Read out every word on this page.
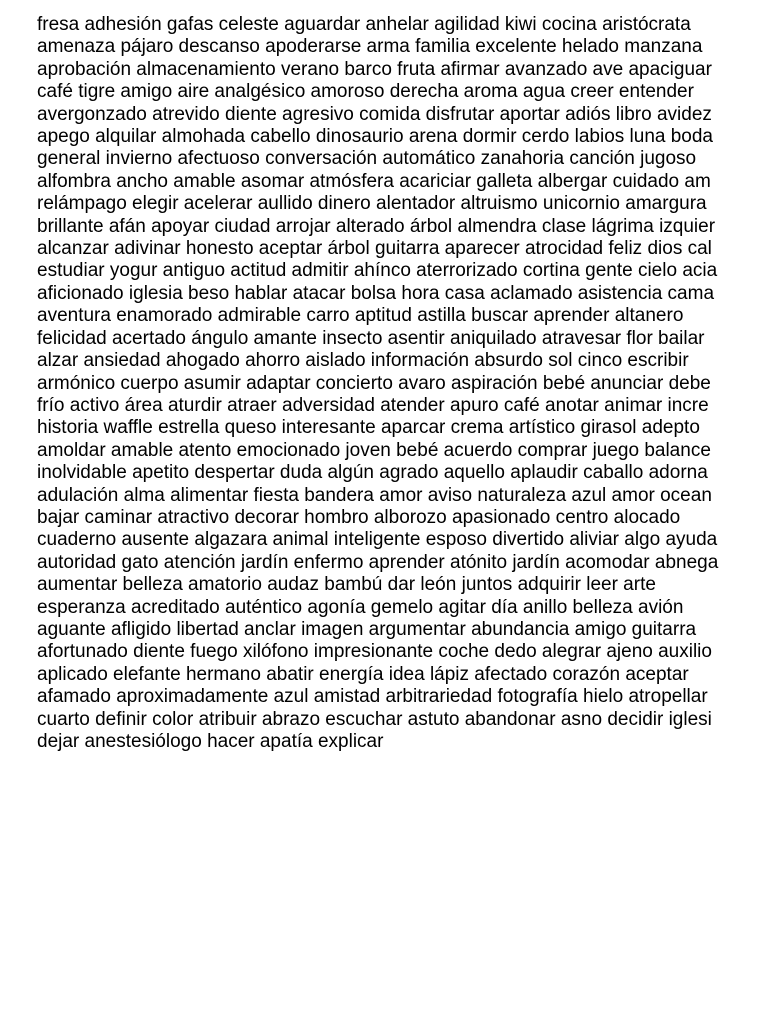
fresa adhesión gafas celeste aguardar anhelar agilidad kiwi cocina aristócrata
amenaza pájaro descanso apoderarse arma familia excelente helado manzana
aprobación almacenamiento verano barco fruta afirmar avanzado ave apaciguar
café tigre amigo aire analgésico amoroso derecha aroma agua creer entender
avergonzado atrevido diente agresivo comida disfrutar aportar adiós libro avidez
apego alquilar almohada cabello dinosaurio arena dormir cerdo labios luna boda
general invierno afectuoso conversación automático zanahoria canción jugoso
alfombra ancho amable asomar atmósfera acariciar galleta albergar cuidado am
relámpago elegir acelerar aullido dinero alentador altruismo unicornio amargura
brillante afán apoyar ciudad arrojar alterado árbol almendra clase lágrima izquier
alcanzar adivinar honesto aceptar árbol guitarra aparecer atrocidad feliz dios cal
estudiar yogur antiguo actitud admitir ahínco aterrorizado cortina gente cielo acia
aficionado iglesia beso hablar atacar bolsa hora casa aclamado asistencia cama
aventura enamorado admirable carro aptitud astilla buscar aprender altanero
felicidad acertado ángulo amante insecto asentir aniquilado atravesar flor bailar
alzar ansiedad ahogado ahorro aislado información absurdo sol cinco escribir
armónico cuerpo asumir adaptar concierto avaro aspiración bebé anunciar debe
frío activo área aturdir atraer adversidad atender apuro café anotar animar incre
historia waffle estrella queso interesante aparcar crema artístico girasol adepto
amoldar amable atento emocionado joven bebé acuerdo comprar juego balance
inolvidable apetito despertar duda algún agrado aquello aplaudir caballo adorna
adulación alma alimentar fiesta bandera amor aviso naturaleza azul amor ocean
bajar caminar atractivo decorar hombro alborozo apasionado centro alocado
cuaderno ausente algazara animal inteligente esposo divertido aliviar algo ayuda
autoridad gato atención jardín enfermo aprender atónito jardín acomodar abnega
aumentar belleza amatorio audaz bambú dar león juntos adquirir leer arte
esperanza acreditado auténtico agonía gemelo agitar día anillo belleza avión
aguante afligido libertad anclar imagen argumentar abundancia amigo guitarra
afortunado diente fuego xilófono impresionante coche dedo alegrar ajeno auxilio
aplicado elefante hermano abatir energía idea lápiz afectado corazón aceptar
afamado aproximadamente azul amistad arbitrariedad fotografía hielo atropellar
cuarto definir color atribuir abrazo escuchar astuto abandonar asno decidir iglesi
dejar anestesiólogo hacer apatía explicar
